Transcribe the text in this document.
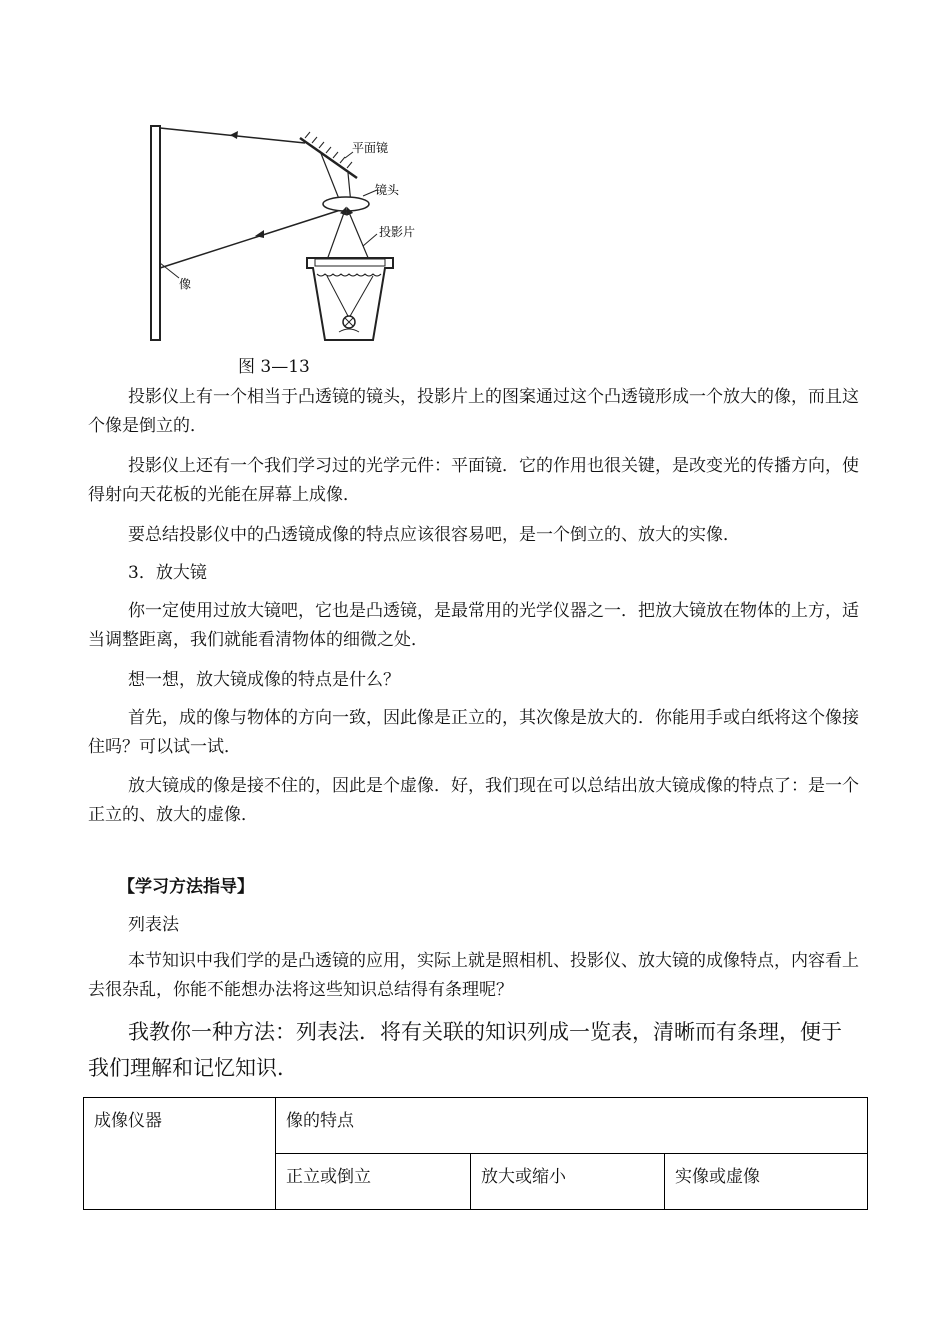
平面镜
镜头
投影片
像
图 3—13

投影仪上有一个相当于凸透镜的镜头，投影片上的图案通过这个凸透镜形成一个放大的像，而且这个像是倒立的．

投影仪上还有一个我们学习过的光学元件：平面镜．它的作用也很关键，是改变光的传播方向，使得射向天花板的光能在屏幕上成像．

要总结投影仪中的凸透镜成像的特点应该很容易吧，是一个倒立的、放大的实像．

3．放大镜

你一定使用过放大镜吧，它也是凸透镜，是最常用的光学仪器之一．把放大镜放在物体的上方，适当调整距离，我们就能看清物体的细微之处．

想一想，放大镜成像的特点是什么？

首先，成的像与物体的方向一致，因此像是正立的，其次像是放大的．你能用手或白纸将这个像接住吗？可以试一试．

放大镜成的像是接不住的，因此是个虚像．好，我们现在可以总结出放大镜成像的特点了：是一个正立的、放大的虚像．

【学习方法指导】

列表法

本节知识中我们学的是凸透镜的应用，实际上就是照相机、投影仪、放大镜的成像特点，内容看上去很杂乱，你能不能想办法将这些知识总结得有条理呢？

我教你一种方法：列表法．将有关联的知识列成一览表，清晰而有条理，便于我们理解和记忆知识．

成像仪器	像的特点		
	正立或倒立	放大或缩小	实像或虚像
